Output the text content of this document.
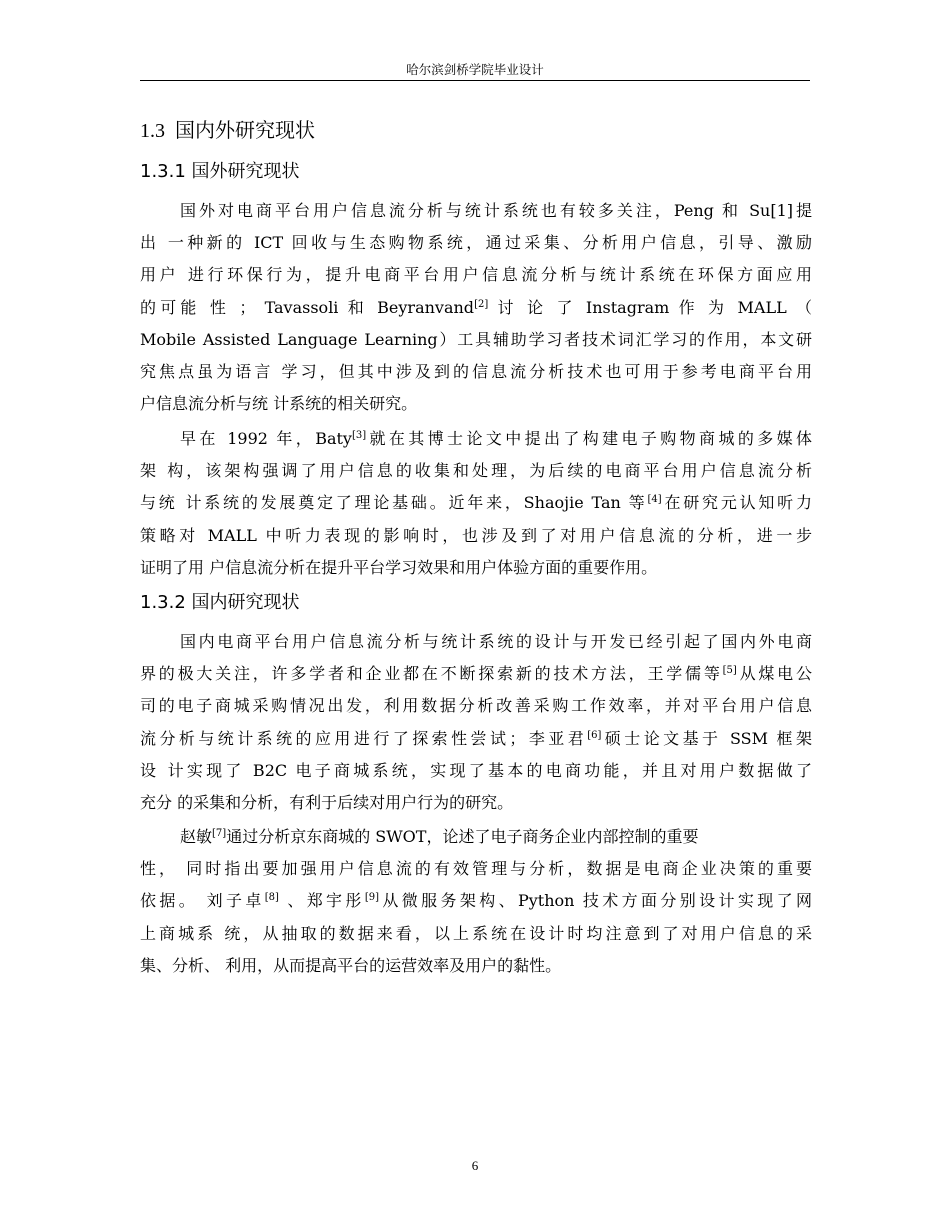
哈尔滨剑桥学院毕业设计
1.3 国内外研究现状
1.3.1 国外研究现状
国外对电商平台用户信息流分析与统计系统也有较多关注，Peng 和 Su[1]提
出 一种新的 ICT 回收与生态购物系统，通过采集、分析用户信息，引导、激励
用户 进行环保行为，提升电商平台用户信息流分析与统计系统在环保方面应用
的可能 性 ； Tavassoli 和 Beyranvand[2] 讨 论 了 Instagram 作 为 MALL （
Mobile Assisted Language Learning）工具辅助学习者技术词汇学习的作用，本文研
究焦点虽为语言 学习，但其中涉及到的信息流分析技术也可用于参考电商平台用
户信息流分析与统 计系统的相关研究。
早在 1992 年，Baty[3]就在其博士论文中提出了构建电子购物商城的多媒体
架 构，该架构强调了用户信息的收集和处理，为后续的电商平台用户信息流分析
与统 计系统的发展奠定了理论基础。近年来，Shaojie Tan 等[4]在研究元认知听力
策略对 MALL 中听力表现的影响时，也涉及到了对用户信息流的分析，进一步
证明了用 户信息流分析在提升平台学习效果和用户体验方面的重要作用。
1.3.2 国内研究现状
国内电商平台用户信息流分析与统计系统的设计与开发已经引起了国内外电商
界的极大关注，许多学者和企业都在不断探索新的技术方法，王学儒等[5]从煤电公
司的电子商城采购情况出发，利用数据分析改善采购工作效率，并对平台用户信息
流分析与统计系统的应用进行了探索性尝试；李亚君[6]硕士论文基于 SSM 框架
设 计实现了 B2C 电子商城系统，实现了基本的电商功能，并且对用户数据做了
充分 的采集和分析，有利于后续对用户行为的研究。
赵敏[7]通过分析京东商城的 SWOT，论述了电子商务企业内部控制的重要
性， 同时指出要加强用户信息流的有效管理与分析，数据是电商企业决策的重要
依据。 刘子卓[8] 、郑宇彤[9]从微服务架构、Python 技术方面分别设计实现了网
上商城系 统，从抽取的数据来看，以上系统在设计时均注意到了对用户信息的采
集、分析、 利用，从而提高平台的运营效率及用户的黏性。
6
